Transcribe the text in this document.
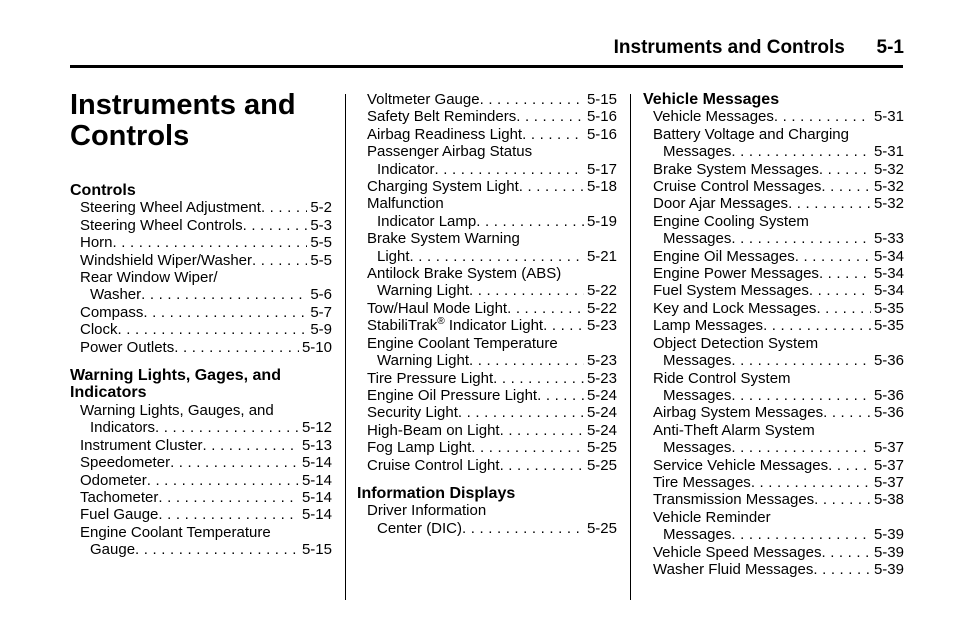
Instruments and Controls 5-1
Instruments and Controls
Controls
Steering Wheel Adjustment . . .	5-2
Steering Wheel Controls . . .	5-3
Horn . . .	5-5
Windshield Wiper/Washer . . .	5-5
Rear Window Wiper/
Washer . . .	5-6
Compass . . .	5-7
Clock . . .	5-9
Power Outlets . . .	5-10
Warning Lights, Gages, and Indicators
Warning Lights, Gauges, and
Indicators . . .	5-12
Instrument Cluster . . .	5-13
Speedometer . . .	5-14
Odometer . . .	5-14
Tachometer . . .	5-14
Fuel Gauge . . .	5-14
Engine Coolant Temperature
Gauge . . .	5-15
Voltmeter Gauge . . .	5-15
Safety Belt Reminders . . .	5-16
Airbag Readiness Light . . .	5-16
Passenger Airbag Status
Indicator . . .	5-17
Charging System Light . . .	5-18
Malfunction
Indicator Lamp . . .	5-19
Brake System Warning
Light . . .	5-21
Antilock Brake System (ABS)
Warning Light . . .	5-22
Tow/Haul Mode Light . . .	5-22
StabiliTrak® Indicator Light . . .	5-23
Engine Coolant Temperature
Warning Light . . .	5-23
Tire Pressure Light . . .	5-23
Engine Oil Pressure Light . . .	5-24
Security Light . . .	5-24
High-Beam on Light . . .	5-24
Fog Lamp Light . . .	5-25
Cruise Control Light . . .	5-25
Information Displays
Driver Information
Center (DIC) . . .	5-25
Vehicle Messages
Vehicle Messages . . .	5-31
Battery Voltage and Charging
Messages . . .	5-31
Brake System Messages . . .	5-32
Cruise Control Messages . . .	5-32
Door Ajar Messages . . .	5-32
Engine Cooling System
Messages . . .	5-33
Engine Oil Messages . . .	5-34
Engine Power Messages . . .	5-34
Fuel System Messages . . .	5-34
Key and Lock Messages . . .	5-35
Lamp Messages . . .	5-35
Object Detection System
Messages . . .	5-36
Ride Control System
Messages . . .	5-36
Airbag System Messages . . .	5-36
Anti-Theft Alarm System
Messages . . .	5-37
Service Vehicle Messages . . .	5-37
Tire Messages . . .	5-37
Transmission Messages . . .	5-38
Vehicle Reminder
Messages . . .	5-39
Vehicle Speed Messages . . .	5-39
Washer Fluid Messages . . .	5-39
